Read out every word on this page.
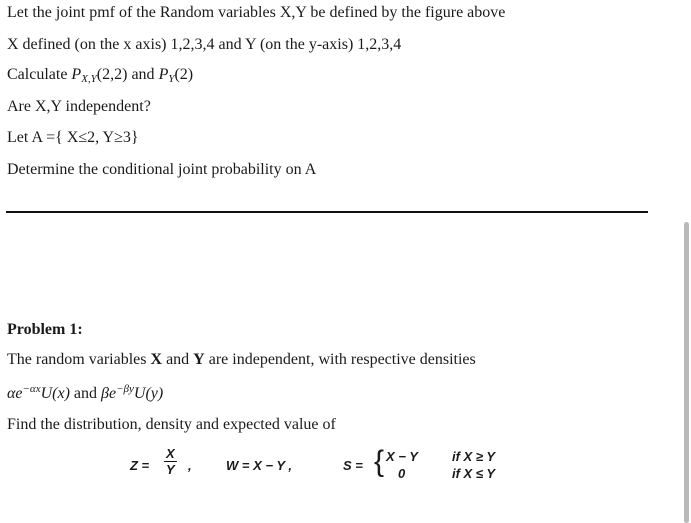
Let the joint pmf of the Random variables X,Y be defined by the figure above
X defined (on the x axis) 1,2,3,4 and Y (on the y-axis) 1,2,3,4
Calculate $P_{X,Y}(2,2)$ and $P_Y(2)$
Are X,Y independent?
Let A ={ X≤2, Y≥3}
Determine the conditional joint probability on A
Problem 1:
The random variables X and Y are independent, with respective densities
$\alpha e^{-\alpha x}U(x)$ and $\beta e^{-\beta y}U(y)$
Find the distribution, density and expected value of
$Z = \frac{X}{Y}$ ,	W = X − Y ,	S = { X − Y	if X ≥ Y
0	if X ≤ Y
